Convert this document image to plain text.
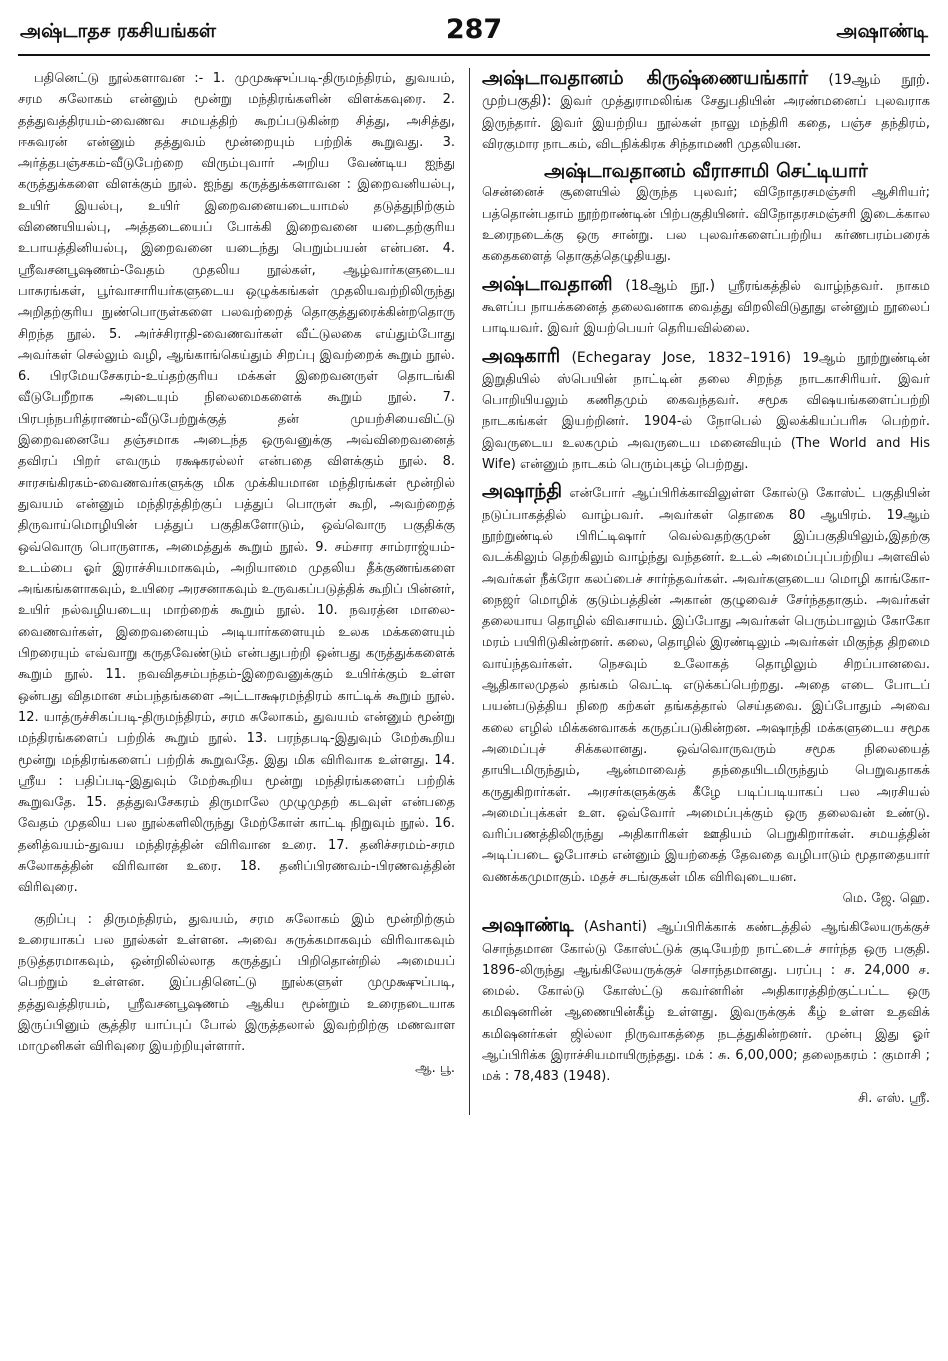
அஷ்டாதச ரகசியங்கள்	287	அஷாண்டி

பதினெட்டு நூல்களாவன :- 1. முமுக்ஷுப்படி-திருமந்திரம், துவயம், சரம சுலோகம் என்னும் மூன்று மந்திரங்களின் விளக்கவுரை. 2. தத்துவத்திரயம்-வைணவ சமயத்திற் கூறப்படுகின்ற சித்து, அசித்து, ஈசுவரன் என்னும் தத்துவம் மூன்றையும் பற்றிக் கூறுவது. 3. அர்த்தபஞ்சகம்-வீடுபேற்றை விரும்புவார் அறிய வேண்டிய ஐந்து கருத்துக்களை விளக்கும் நூல். ஐந்து கருத்துக்களாவன : இறைவனியல்பு, உயிர் இயல்பு, உயிர் இறைவனையடையாமல் தடுத்துநிற்கும் விணையியல்பு, அத்தடையைப் போக்கி இறைவனை யடைதற்குரிய உபாயத்தினியல்பு, இறைவனை யடைந்து பெறும்பயன் என்பன. 4. ஸ்ரீவசனபூஷணம்-வேதம் முதலிய நூல்கள், ஆழ்வார்களுடைய பாசுரங்கள், பூர்வாசாரியர்களுடைய ஒழுக்கங்கள் முதலியவற்றிலிருந்து அறிதற்குரிய நுண்பொருள்களை பலவற்றைத் தொகுத்துரைக்கின்றதொரு சிறந்த நூல். 5. அர்ச்சிராதி-வைணவர்கள் வீட்டுலகை எய்தும்போது அவர்கள் செல்லும் வழி, ஆங்காங்கெய்தும் சிறப்பு இவற்றைக் கூறும் நூல். 6. பிரமேயசேகரம்-உய்தற்குரிய மக்கள் இறைவனருள் தொடங்கி வீடுபேறீறாக அடையும் நிலைமைகளைக் கூறும் நூல். 7. பிரபந்நபரித்ராணம்-வீடுபேற்றுக்குத் தன் முயற்சியைவிட்டு இறைவனையே தஞ்சமாக அடைந்த ஒருவனுக்கு அவ்விறைவனைத் தவிரப் பிறர் எவரும் ரக்ஷகரல்லர் என்பதை விளக்கும் நூல். 8. சாரசங்கிரகம்-வைணவர்களுக்கு மிக முக்கியமான மந்திரங்கள் மூன்றில் துவயம் என்னும் மந்திரத்திற்குப் பத்துப் பொருள் கூறி, அவற்றைத் திருவாய்மொழியின் பத்துப் பகுதிகளோடும், ஒவ்வொரு பகுதிக்கு ஒவ்வொரு பொருளாக, அமைத்துக் கூறும் நூல். 9. சம்சார சாம்ராஜ்யம்-உடம்பை ஓர் இராச்சியமாகவும், அறியாமை முதலிய தீக்குணங்களை அங்கங்களாகவும், உயிரை அரசனாகவும் உருவகப்படுத்திக் கூறிப் பின்னர், உயிர் நல்வழியடையு மாற்றைக் கூறும் நூல். 10. நவரத்ன மாலை-வைணவர்கள், இறைவனையும் அடியார்களையும் உலக மக்களையும் பிறரையும் எவ்வாறு கருதவேண்டும் என்பதுபற்றி ஒன்பது கருத்துக்களைக் கூறும் நூல். 11. நவவிதசம்பந்தம்-இறைவனுக்கும் உயிர்க்கும் உள்ள ஒன்பது விதமான சம்பந்தங்களை அட்டாக்ஷரமந்திரம் காட்டிக் கூறும் நூல். 12. யாத்ருச்சிகப்படி-திருமந்திரம், சரம சுலோகம், துவயம் என்னும் மூன்று மந்திரங்களைப் பற்றிக் கூறும் நூல். 13. பரந்தபடி-இதுவும் மேற்கூறிய மூன்று மந்திரங்களைப் பற்றிக் கூறுவதே. இது மிக விரிவாக உள்ளது. 14. ஸ்ரீய : பதிப்படி-இதுவும் மேற்கூறிய மூன்று மந்திரங்களைப் பற்றிக் கூறுவதே. 15. தத்துவசேகரம் திருமாலே முழுமுதற் கடவுள் என்பதை வேதம் முதலிய பல நூல்களிலிருந்து மேற்கோள் காட்டி நிறுவும் நூல். 16. தனித்வயம்-துவய மந்திரத்தின் விரிவான உரை. 17. தனிச்சரமம்-சரம சுலோகத்தின் விரிவான உரை. 18. தனிப்பிரணவம்-பிரணவத்தின் விரிவுரை.

குறிப்பு : திருமந்திரம், துவயம், சரம சுலோகம் இம் மூன்றிற்கும் உரையாகப் பல நூல்கள் உள்ளன. அவை சுருக்கமாகவும் விரிவாகவும் நடுத்தரமாகவும், ஒன்றிலில்லாத கருத்துப் பிறிதொன்றில் அமையப் பெற்றும் உள்ளன. இப்பதினெட்டு நூல்களுள் முமுக்ஷுப்படி, தத்துவத்திரயம், ஸ்ரீவசனபூஷணம் ஆகிய மூன்றும் உரைநடையாக இருப்பினும் சூத்திர யாப்புப் போல் இருத்தலால் இவற்றிற்கு மணவாள மாமுனிகள் விரிவுரை இயற்றியுள்ளார்.

ஆ. பூ.

அஷ்டாவதானம் கிருஷ்ணையங்கார் (19ஆம் நூற். முற்பகுதி): இவர் முத்துராமலிங்க சேதுபதியின் அரண்மனைப் புலவராக இருந்தார். இவர் இயற்றிய நூல்கள் நாலு மந்திரி கதை, பஞ்ச தந்திரம், விரகுமார நாடகம், விடநிக்கிரக சிந்தாமணி முதலியன.

அஷ்டாவதானம் வீராசாமி செட்டியார்
சென்னைச் சூளையில் இருந்த புலவர்; விநோதரசமஞ்சரி ஆசிரியர்; பத்தொன்பதாம் நூற்றாண்டின் பிற்பகுதியினர். விநோதரசமஞ்சரி இடைக்கால உரைநடைக்கு ஒரு சான்று. பல புலவர்களைப்பற்றிய கர்ணபரம்பரைக் கதைகளைத் தொகுத்தெழுதியது.

அஷ்டாவதானி (18ஆம் நூ.) ஸ்ரீரங்கத்தில் வாழ்ந்தவர். நாகம கூளப்ப நாயக்கனைத் தலைவனாக வைத்து விறலிவிடுதூது என்னும் நூலைப் பாடியவர். இவர் இயற்பெயர் தெரியவில்லை.

அஷகாரி (Echegaray Jose, 1832–1916) 19ஆம் நூற்றுண்டின் இறுதியில் ஸ்பெயின் நாட்டின் தலை சிறந்த நாடகாசிரியர். இவர் பொறியியலும் கணிதமும் கைவந்தவர். சமூக விஷயங்களைப்பற்றி நாடகங்கள் இயற்றினர். 1904-ல் நோபெல் இலக்கியப்பரிசு பெற்றர். இவருடைய உலகமும் அவருடைய மனைவியும் (The World and His Wife) என்னும் நாடகம் பெரும்புகழ் பெற்றது.

அஷாந்தி என்போர் ஆப்பிரிக்காவிலுள்ள கோல்டு கோஸ்ட் பகுதியின் நடுப்பாகத்தில் வாழ்பவர். அவர்கள் தொகை 80 ஆயிரம். 19ஆம் நூற்றுண்டில் பிரிட்டிஷார் வெல்வதற்குமுன் இப்பகுதியிலும்,இதற்கு வடக்கிலும் தெற்கிலும் வாழ்ந்து வந்தனர். உடல் அமைப்புப்பற்றிய அளவில் அவர்கள் நீக்ரோ கலப்பைச் சார்ந்தவர்கள். அவர்களுடைய மொழி காங்கோ-நைஜர் மொழிக் குடும்பத்தின் அகான் குழுவைச் சேர்ந்ததாகும். அவர்கள் தலையாய தொழில் விவசாயம். இப்போது அவர்கள் பெரும்பாலும் கோகோ மரம் பயிரிடுகின்றனர். கலை, தொழில் இரண்டிலும் அவர்கள் மிகுந்த திறமை வாய்ந்தவர்கள். நெசவும் உலோகத் தொழிலும் சிறப்பானவை. ஆதிகாலமுதல் தங்கம் வெட்டி எடுக்கப்பெற்றது. அதை எடை போடப் பயன்படுத்திய நிறை கற்கள் தங்கத்தால் செய்தவை. இப்போதும் அவை கலை எழில் மிக்கனவாகக் கருதப்படுகின்றன. அஷாந்தி மக்களுடைய சமூக அமைப்புச் சிக்கலானது. ஒவ்வொருவரும் சமூக நிலையைத் தாயிடமிருந்தும், ஆன்மாவைத் தந்தையிடமிருந்தும் பெறுவதாகக் கருதுகிறார்கள். அரசர்களுக்குக் கீழே படிப்படியாகப் பல அரசியல் அமைப்புக்கள் உள. ஒவ்வோர் அமைப்புக்கும் ஒரு தலைவன் உண்டு. வரிப்பணத்திலிருந்து அதிகாரிகள் ஊதியம் பெறுகிறார்கள். சமயத்தின் அடிப்படை ஓபோசம் என்னும் இயற்கைத் தேவதை வழிபாடும் மூதாதையார் வணக்கமுமாகும். மதச் சடங்குகள் மிக விரிவுடையன.
மெ. ஜே. ஹெ.

அஷாண்டி (Ashanti) ஆப்பிரிக்காக் கண்டத்தில் ஆங்கிலேயருக்குச் சொந்தமான கோல்டு கோஸ்ட்டுக் குடியேற்ற நாட்டைச் சார்ந்த ஒரு பகுதி. 1896-லிருந்து ஆங்கிலேயருக்குச் சொந்தமானது. பரப்பு : ச. 24,000 ச. மைல். கோல்டு கோஸ்ட்டு கவர்னரின் அதிகாரத்திற்குட்பட்ட ஒரு கமிஷனரின் ஆணையின்கீழ் உள்ளது. இவருக்குக் கீழ் உள்ள உதவிக் கமிஷனர்கள் ஜில்லா நிருவாகத்தை நடத்துகின்றனர். முன்பு இது ஓர் ஆப்பிரிக்க இராச்சியமாயிருந்தது. மக் : சு. 6,00,000; தலைநகரம் : குமாசி ; மக் : 78,483 (1948).
சி. எஸ். ஸ்ரீ.
